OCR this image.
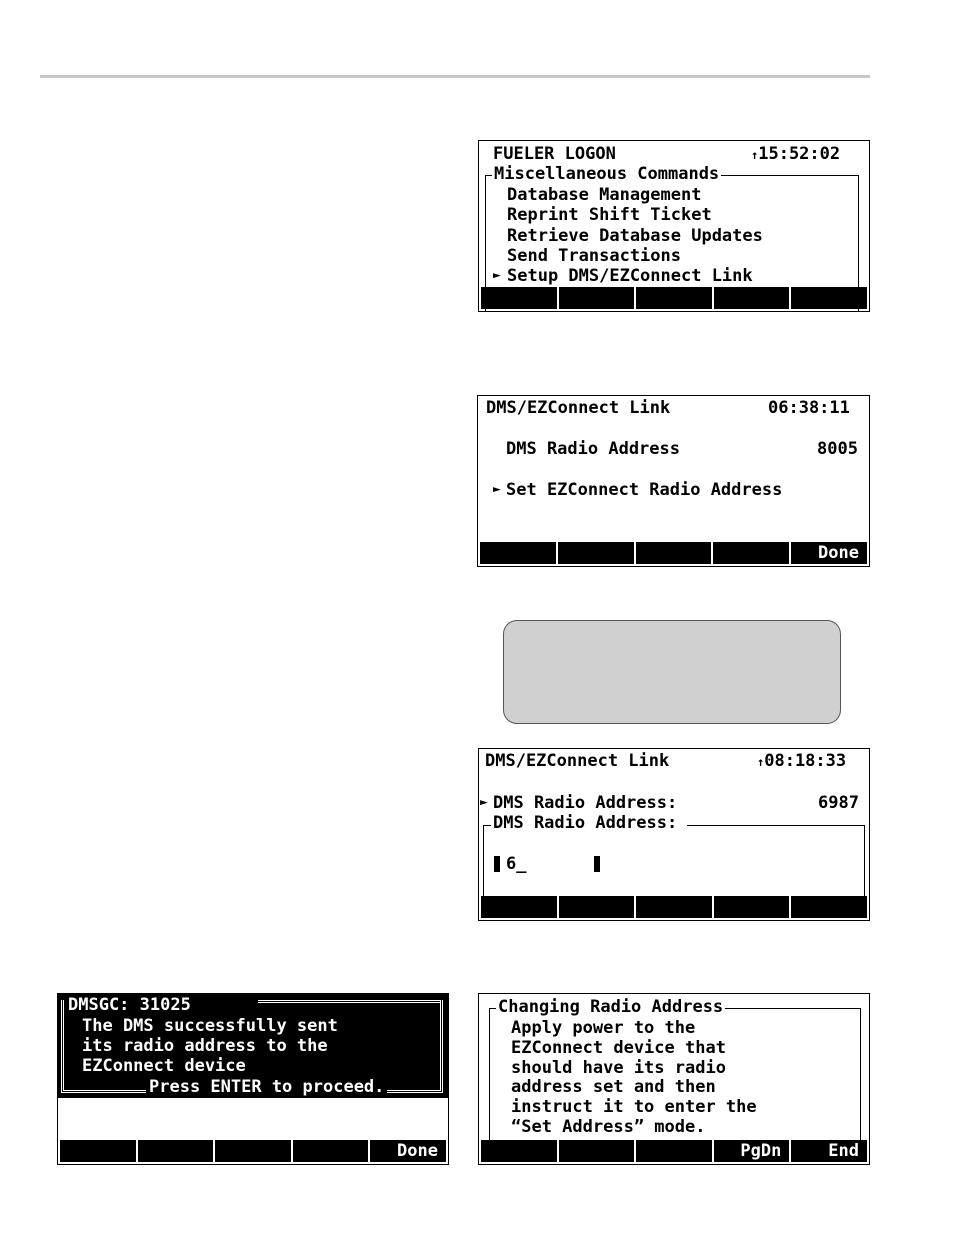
FUELER LOGON	↑15:52:02
Miscellaneous Commands
Database Management
Reprint Shift Ticket
Retrieve Database Updates
Send Transactions
► Setup DMS/EZConnect Link
DMS/EZConnect Link	06:38:11
DMS Radio Address	8005
► Set EZConnect Radio Address
Done
DMS/EZConnect Link	↑08:18:33
► DMS Radio Address:	6987
DMS Radio Address:
6_
DMSGC: 31025
The DMS successfully sent
its radio address to the
EZConnect device
Press ENTER to proceed.
Done
Changing Radio Address
Apply power to the
EZConnect device that
should have its radio
address set and then
instruct it to enter the
“Set Address” mode.
PgDn	End
